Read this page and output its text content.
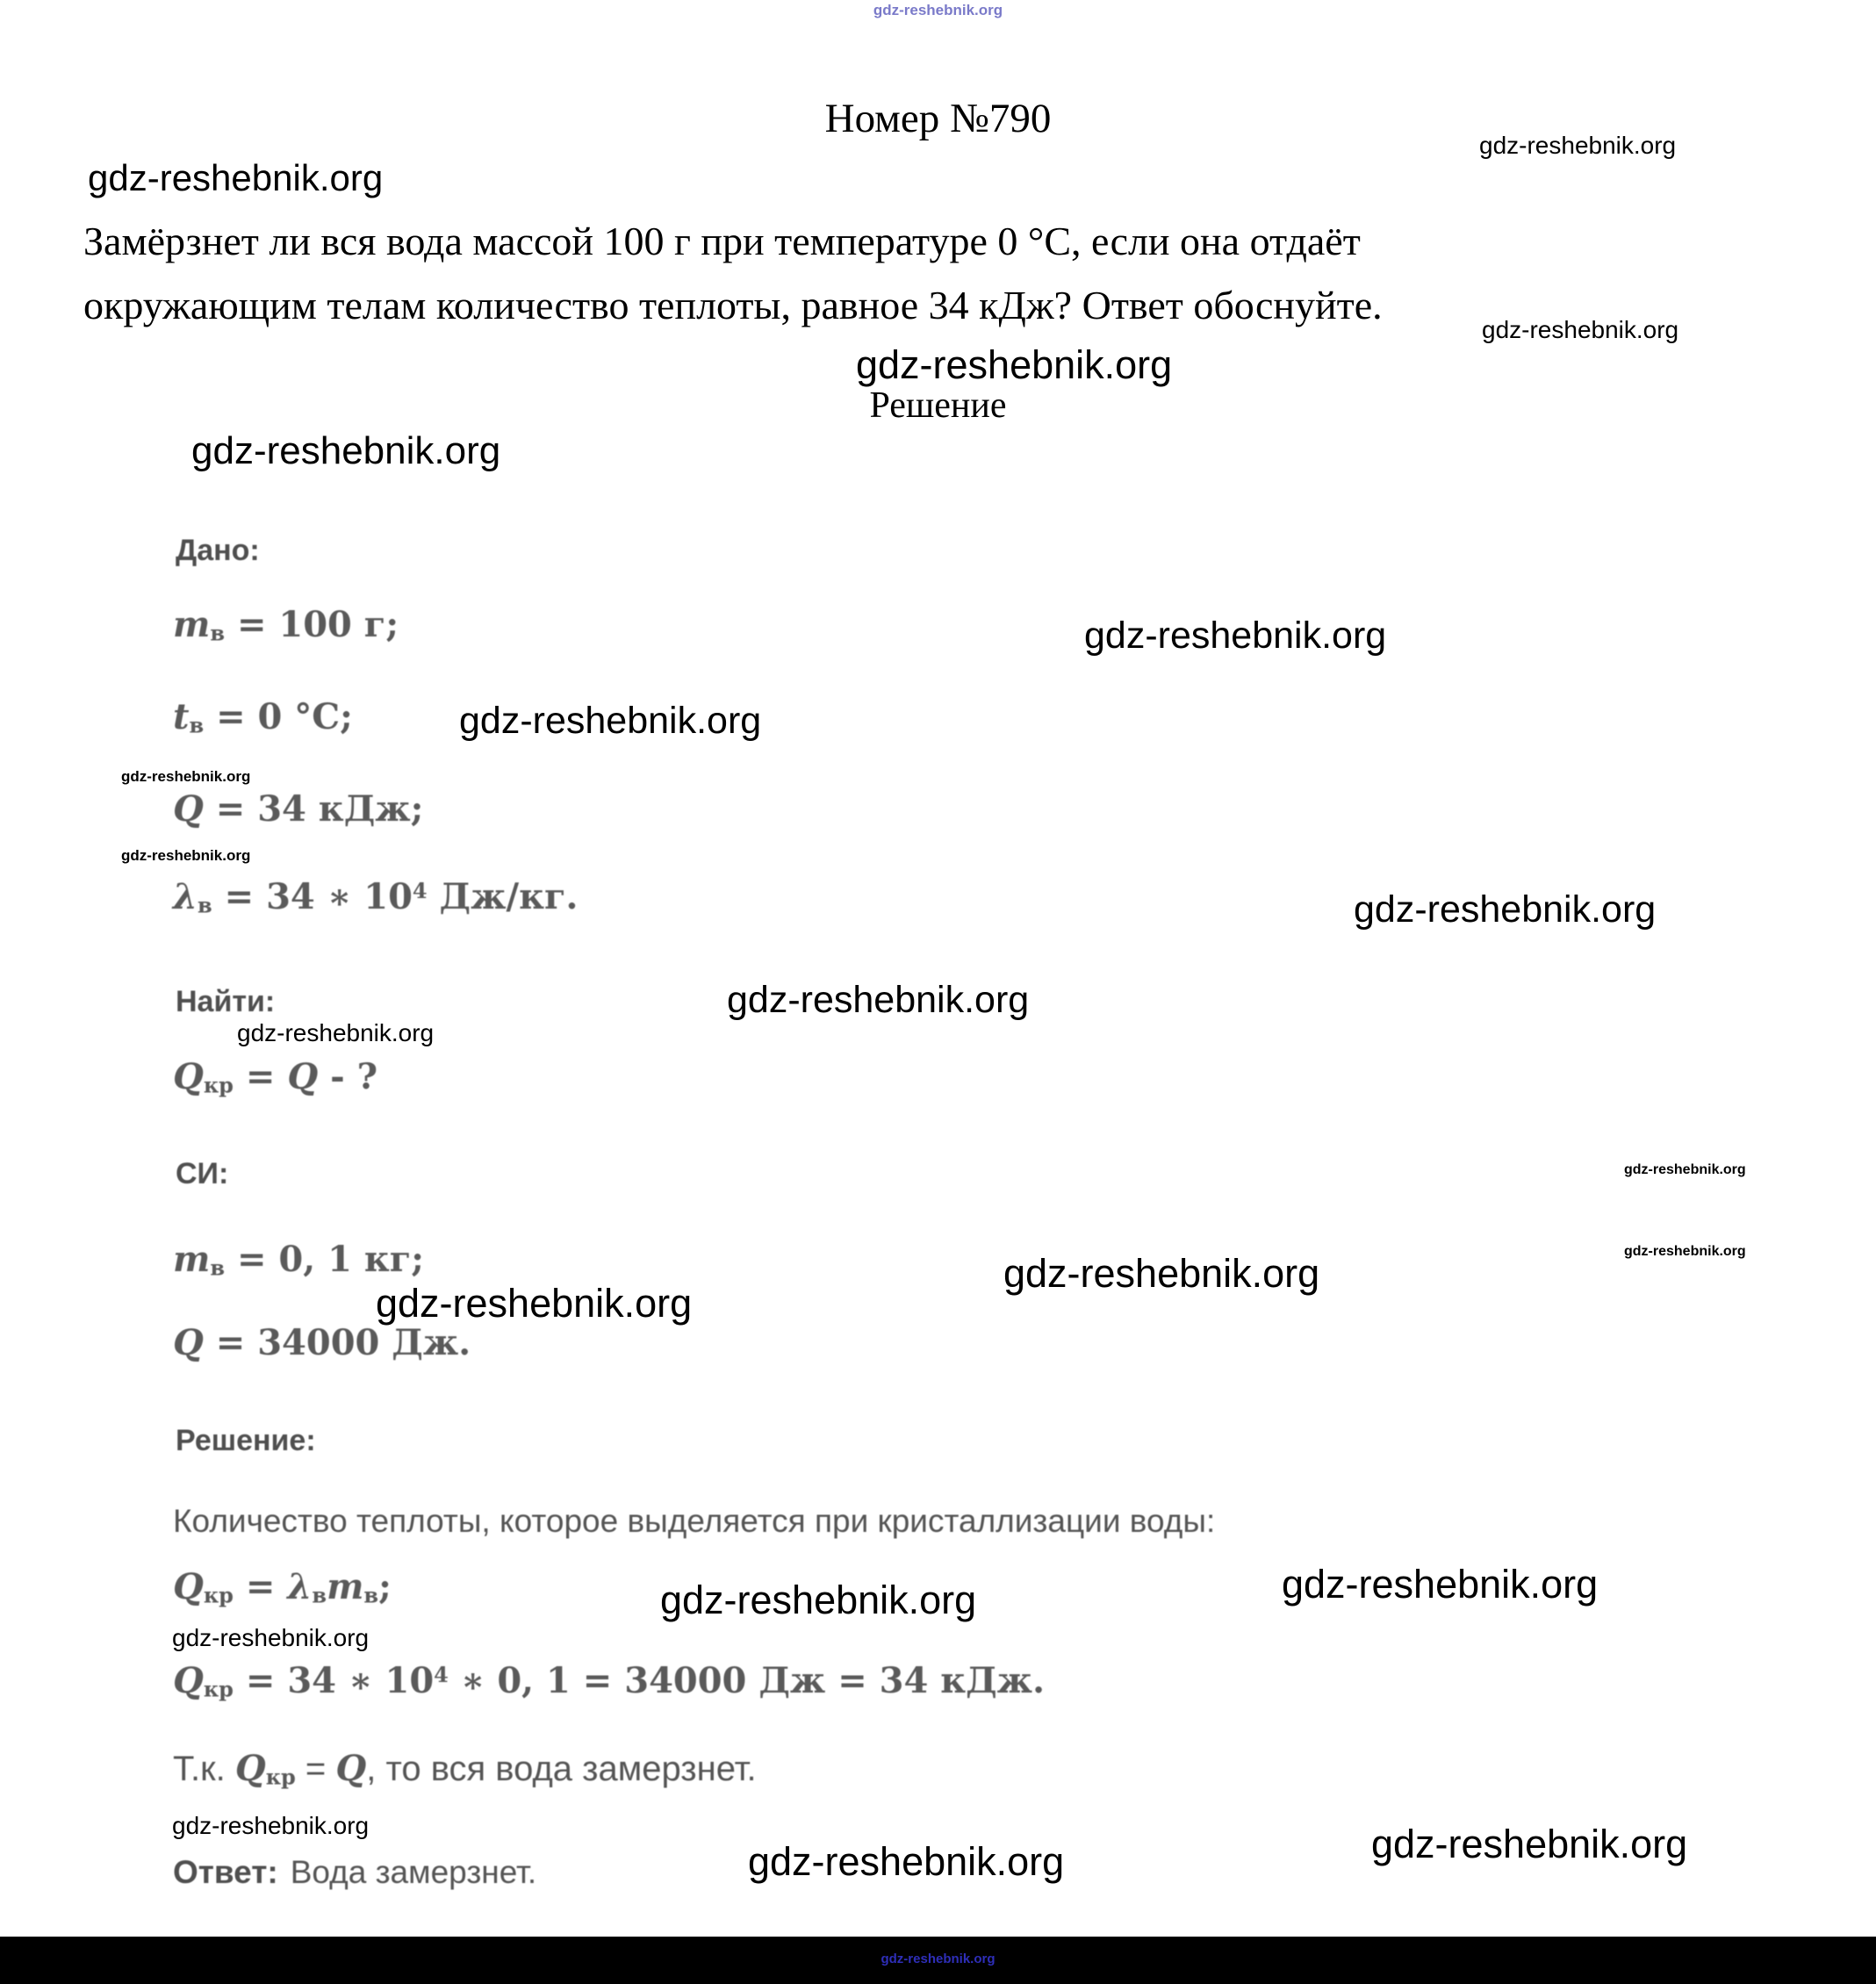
Номер №790
Замёрзнет ли вся вода массой 100 г при температуре 0 °C, если она отдаёт
окружающим телам количество теплоты, равное 34 кДж? Ответ обоснуйте.
Решение
Дано:
mв = 100 г;
tв = 0 °C;
Q = 34 кДж;
λв = 34 ∗ $10^4$ Дж/кг.
Найти:
Qкр = Q - ?
СИ:
mв = 0, 1 кг;
Q = 34000 Дж.
Решение:
Количество теплоты, которое выделяется при кристаллизации воды:
Qкр = λвmв;
Qкр = 34 ∗ $10^4$ ∗ 0, 1 = 34000 Дж = 34 кДж.
Т.к. Qкр = Q, то вся вода замерзнет.
Ответ: Вода замерзнет.
gdz-reshebnik.org
gdz-reshebnik.org
gdz-reshebnik.org
gdz-reshebnik.org
gdz-reshebnik.org
gdz-reshebnik.org
gdz-reshebnik.org
gdz-reshebnik.org
gdz-reshebnik.org
gdz-reshebnik.org
gdz-reshebnik.org
gdz-reshebnik.org
gdz-reshebnik.org
gdz-reshebnik.org
gdz-reshebnik.org
gdz-reshebnik.org
gdz-reshebnik.org
gdz-reshebnik.org	gdz-reshebnik.org
gdz-reshebnik.org
gdz-reshebnik.org
gdz-reshebnik.org	gdz-reshebnik.org
gdz-reshebnik.org
